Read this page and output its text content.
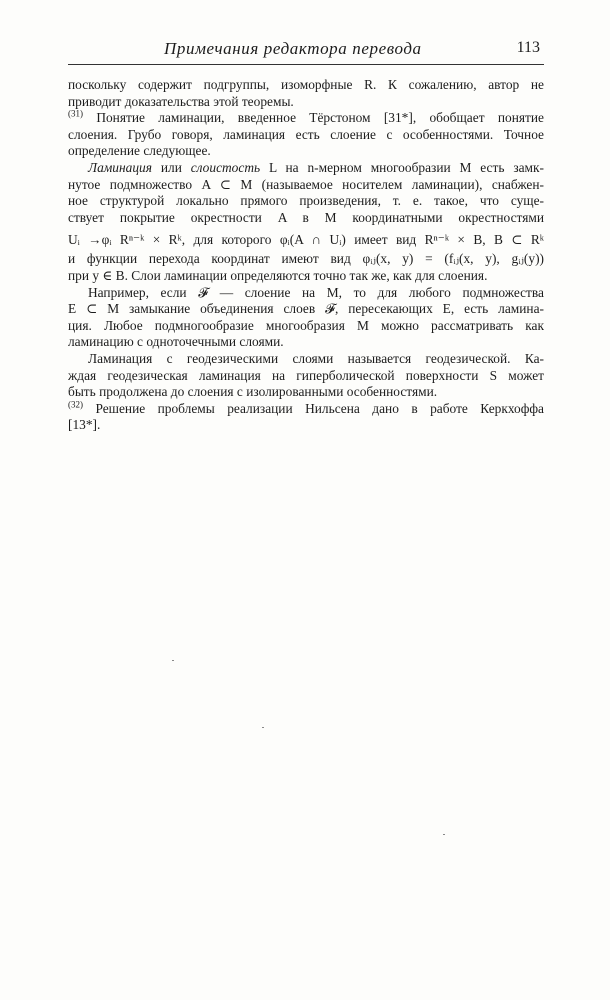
Примечания редактора перевода	113
поскольку содержит подгруппы, изоморфные R. К сожалению, автор не
приводит доказательства этой теоремы.
$^{(31)}$ Понятие ламинации, введенное Тёрстоном [31*], обобщает понятие
слоения. Грубо говоря, ламинация есть слоение с особенностями. Точное
определение следующее.
Ламинация или слоистость L на n-мерном многообразии M есть замк-
нутое подмножество A ⊂ M (называемое носителем ламинации), снабжен-
ное структурой локально прямого произведения, т. е. такое, что суще-
ствует покрытие окрестности A в M координатными окрестностями
Uᵢ →φᵢ Rⁿ⁻ᵏ × Rᵏ, для которого φᵢ(A ∩ Uᵢ) имеет вид Rⁿ⁻ᵏ × B, B ⊂ Rᵏ
и функции перехода координат имеют вид φᵢⱼ(x, y) = (fᵢⱼ(x, y), gᵢⱼ(y))
при y ∈ B. Слои ламинации определяются точно так же, как для слоения.
Например, если 𝓕 — слоение на M, то для любого подмножества
E ⊂ M замыкание объединения слоев 𝓕, пересекающих E, есть ламина-
ция. Любое подмногообразие многообразия M можно рассматривать как
ламинацию с одноточечными слоями.
Ламинация с геодезическими слоями называется геодезической. Ка-
ждая геодезическая ламинация на гиперболической поверхности S может
быть продолжена до слоения с изолированными особенностями.
$^{(32)}$ Решение проблемы реализации Нильсена дано в работе Керкхоффа
[13*].
